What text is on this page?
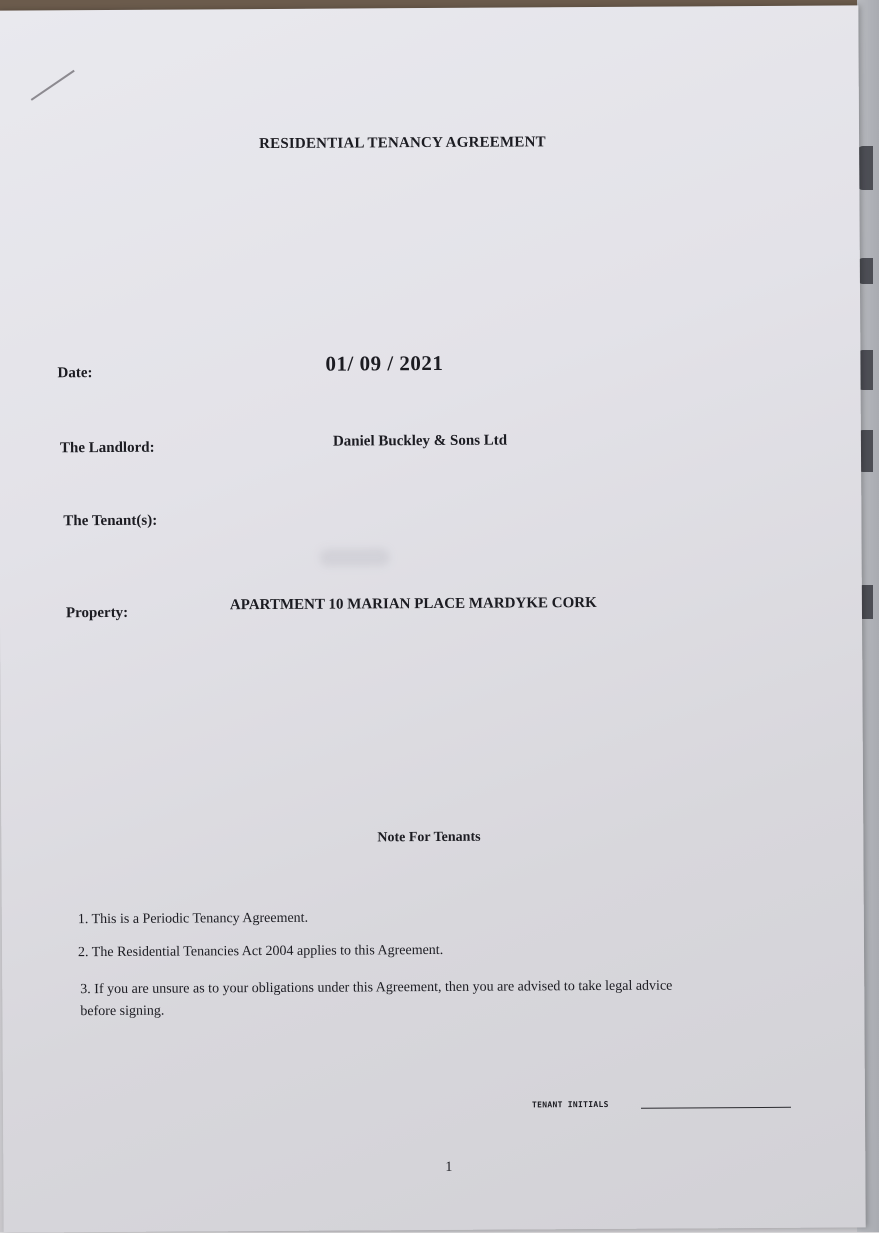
RESIDENTIAL TENANCY AGREEMENT
Date:	01/ 09 / 2021
The Landlord:	Daniel Buckley & Sons Ltd
The Tenant(s):
Property:	APARTMENT 10 MARIAN PLACE MARDYKE CORK
Note For Tenants
1. This is a Periodic Tenancy Agreement.
2. The Residential Tenancies Act 2004 applies to this Agreement.
3. If you are unsure as to your obligations under this Agreement, then you are advised to take legal advice
before signing.
TENANT INITIALS
1
